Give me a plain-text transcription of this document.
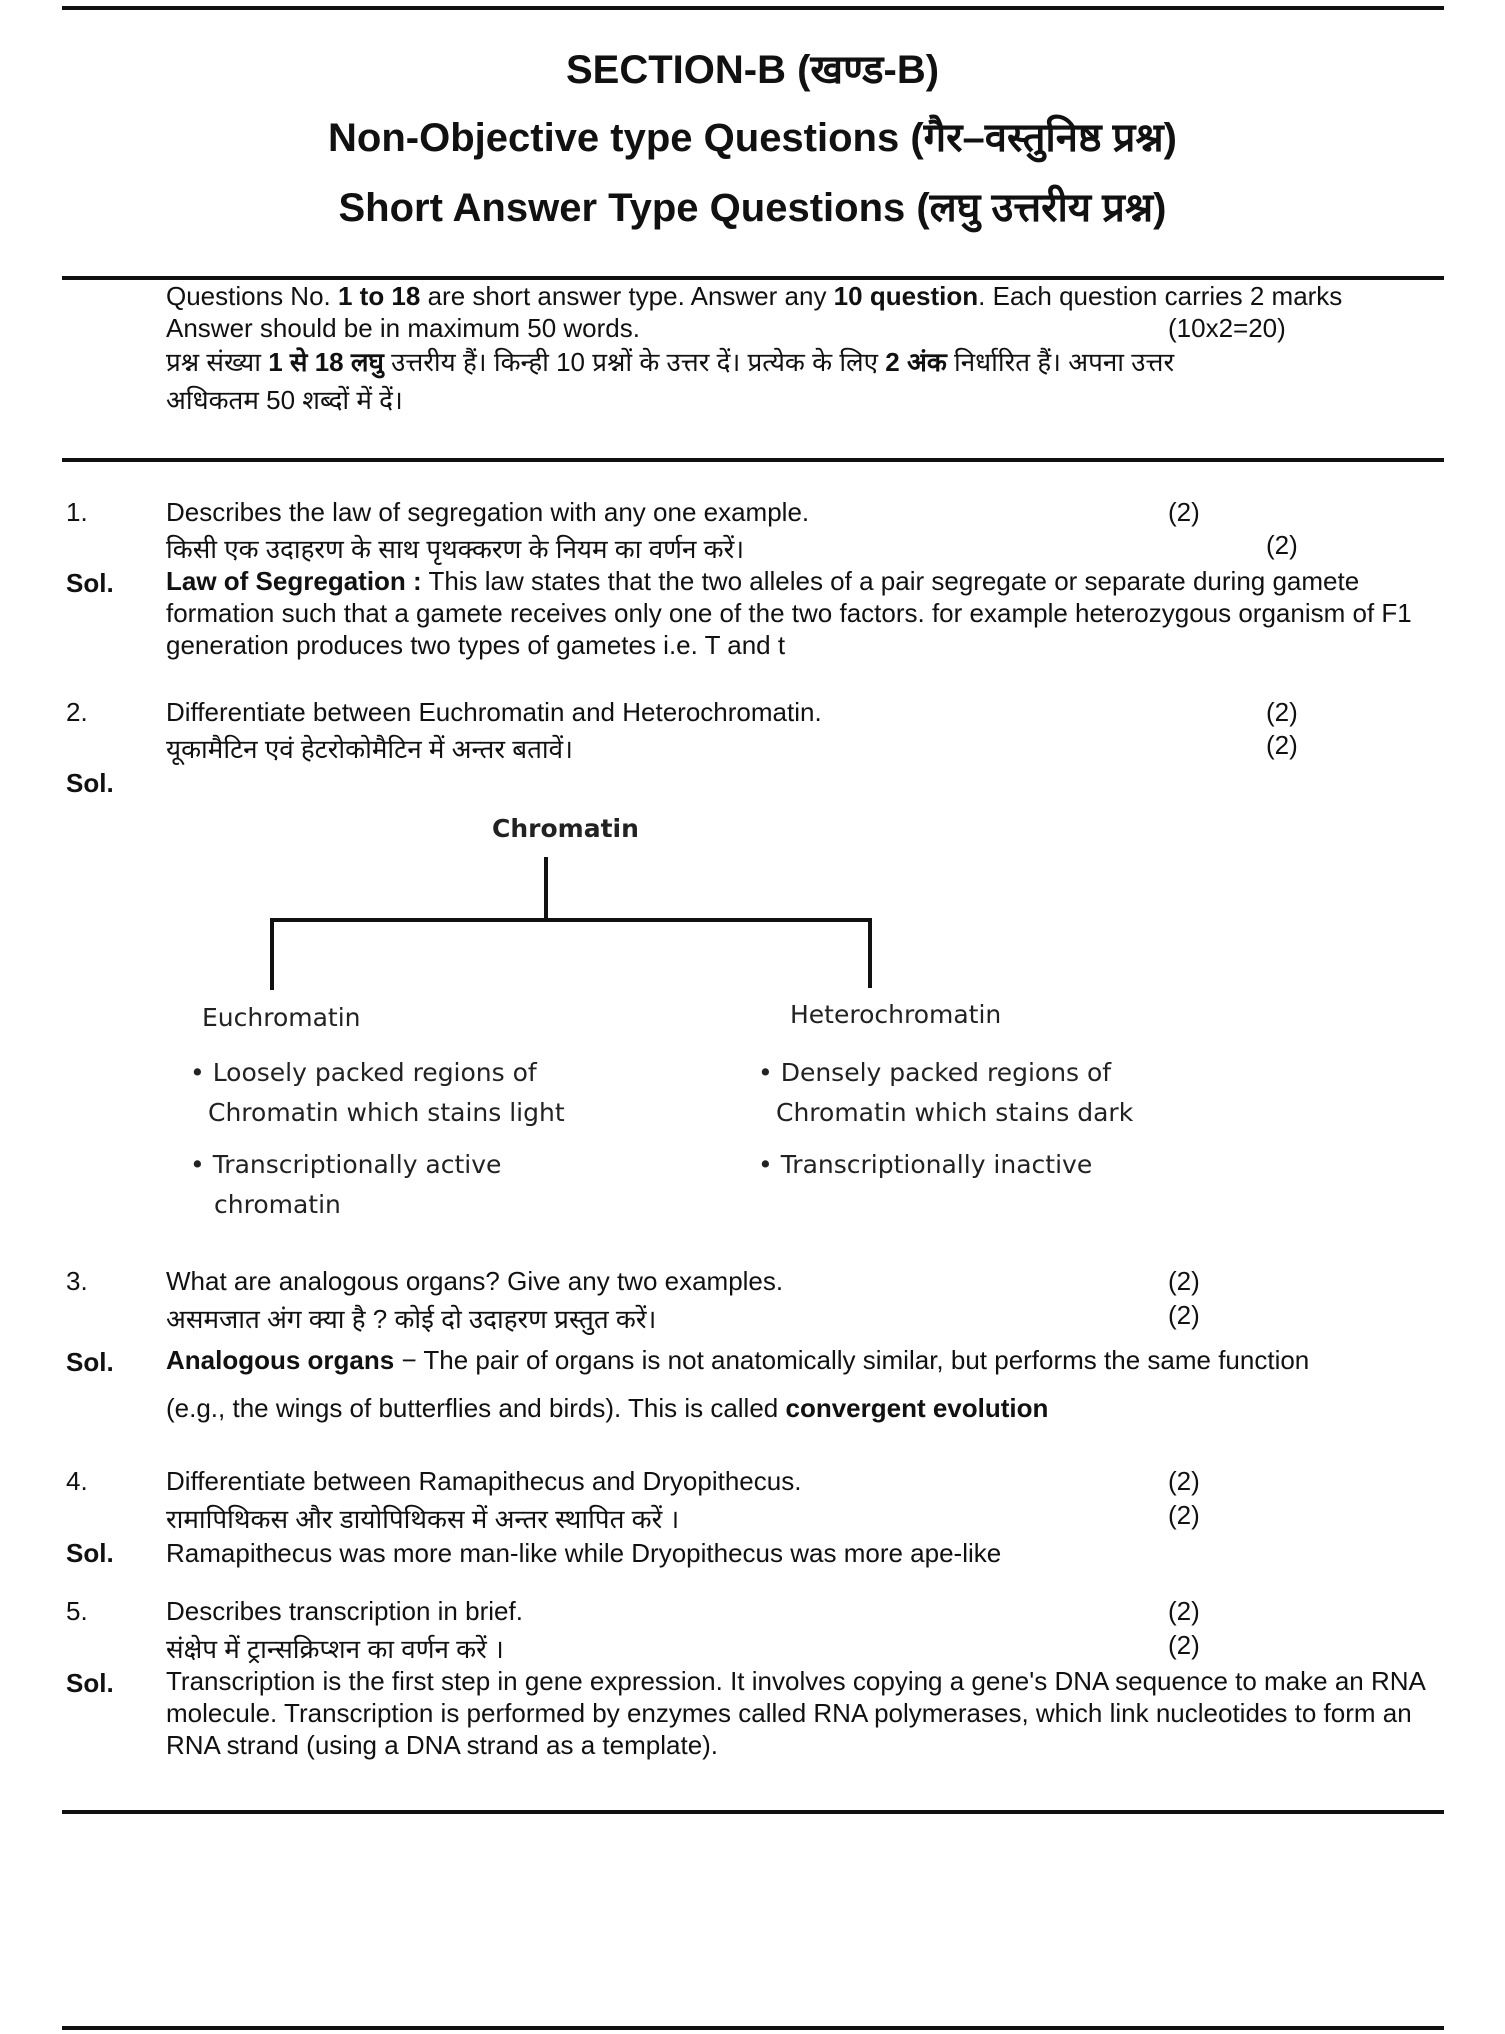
SECTION-B (खण्ड-B)
Non-Objective type Questions (गैर–वस्तुनिष्ठ प्रश्न)
Short Answer Type Questions (लघु उत्तरीय प्रश्न)
Questions No. 1 to 18 are short answer type. Answer any 10 question. Each question carries 2 marks
Answer should be in maximum 50 words.	(10x2=20)
प्रश्न संख्या 1 से 18 लघु उत्तरीय हैं। किन्ही 10 प्रश्नों के उत्तर दें। प्रत्येक के लिए 2 अंक निर्धारित हैं। अपना उत्तर
अधिकतम 50 शब्दों में दें।
1.	Describes the law of segregation with any one example.	(2)
किसी एक उदाहरण के साथ पृथक्करण के नियम का वर्णन करें।	(2)
Sol. Law of Segregation : This law states that the two alleles of a pair segregate or separate during gamete formation such that a gamete receives only one of the two factors. for example heterozygous organism of F1 generation produces two types of gametes i.e. T and t
2.	Differentiate between Euchromatin and Heterochromatin.	(2)
यूकामैटिन एवं हेटरोकोमैटिन में अन्तर बतावें।	(2)
Sol.
Chromatin
Euchromatin
• Loosely packed regions of
Chromatin which stains light
• Transcriptionally active
chromatin
Heterochromatin
• Densely packed regions of
Chromatin which stains dark
• Transcriptionally inactive
3.	What are analogous organs? Give any two examples.	(2)
असमजात अंग क्या है ? कोई दो उदाहरण प्रस्तुत करें।	(2)
Sol. Analogous organs − The pair of organs is not anatomically similar, but performs the same function
(e.g., the wings of butterflies and birds). This is called convergent evolution
4.	Differentiate between Ramapithecus and Dryopithecus.	(2)
रामापिथिकस और डायोपिथिकस में अन्तर स्थापित करें ।	(2)
Sol. Ramapithecus was more man-like while Dryopithecus was more ape-like
5.	Describes transcription in brief.	(2)
संक्षेप में ट्रान्सक्रिप्शन का वर्णन करें ।	(2)
Sol. Transcription is the first step in gene expression. It involves copying a gene's DNA sequence to make an RNA molecule. Transcription is performed by enzymes called RNA polymerases, which link nucleotides to form an RNA strand (using a DNA strand as a template).
